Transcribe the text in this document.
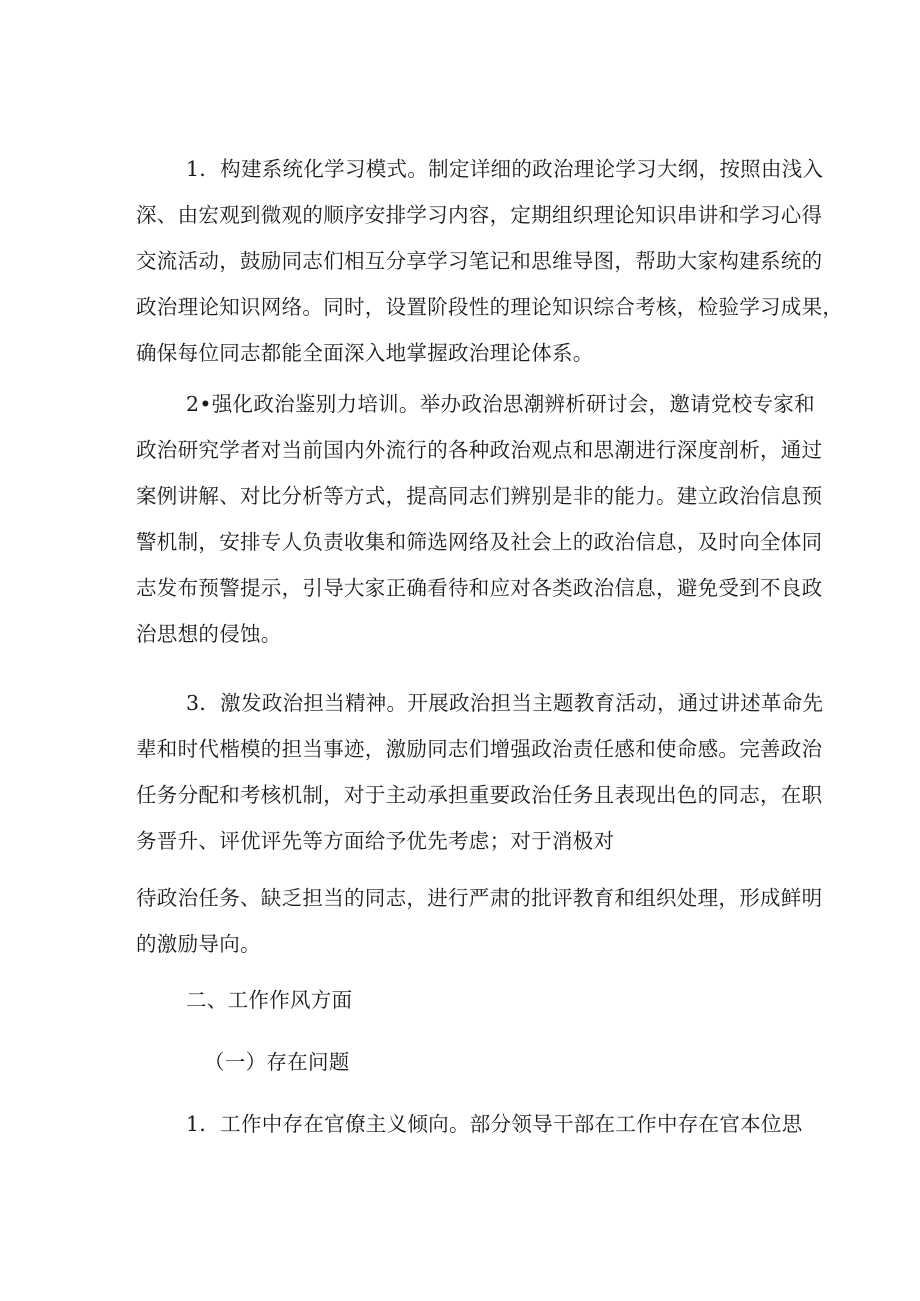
1．构建系统化学习模式。制定详细的政治理论学习大纲，按照由浅入
深、由宏观到微观的顺序安排学习内容，定期组织理论知识串讲和学习心得
交流活动，鼓励同志们相互分享学习笔记和思维导图，帮助大家构建系统的
政治理论知识网络。同时，设置阶段性的理论知识综合考核，检验学习成果，
确保每位同志都能全面深入地掌握政治理论体系。
2•强化政治鉴别力培训。举办政治思潮辨析研讨会，邀请党校专家和
政治研究学者对当前国内外流行的各种政治观点和思潮进行深度剖析，通过
案例讲解、对比分析等方式，提高同志们辨别是非的能力。建立政治信息预
警机制，安排专人负责收集和筛选网络及社会上的政治信息，及时向全体同
志发布预警提示，引导大家正确看待和应对各类政治信息，避免受到不良政
治思想的侵蚀。
3．激发政治担当精神。开展政治担当主题教育活动，通过讲述革命先
辈和时代楷模的担当事迹，激励同志们增强政治责任感和使命感。完善政治
任务分配和考核机制，对于主动承担重要政治任务且表现出色的同志，在职
务晋升、评优评先等方面给予优先考虑；对于消极对
待政治任务、缺乏担当的同志，进行严肃的批评教育和组织处理，形成鲜明
的激励导向。
二、工作作风方面
（一）存在问题
1．工作中存在官僚主义倾向。部分领导干部在工作中存在官本位思
